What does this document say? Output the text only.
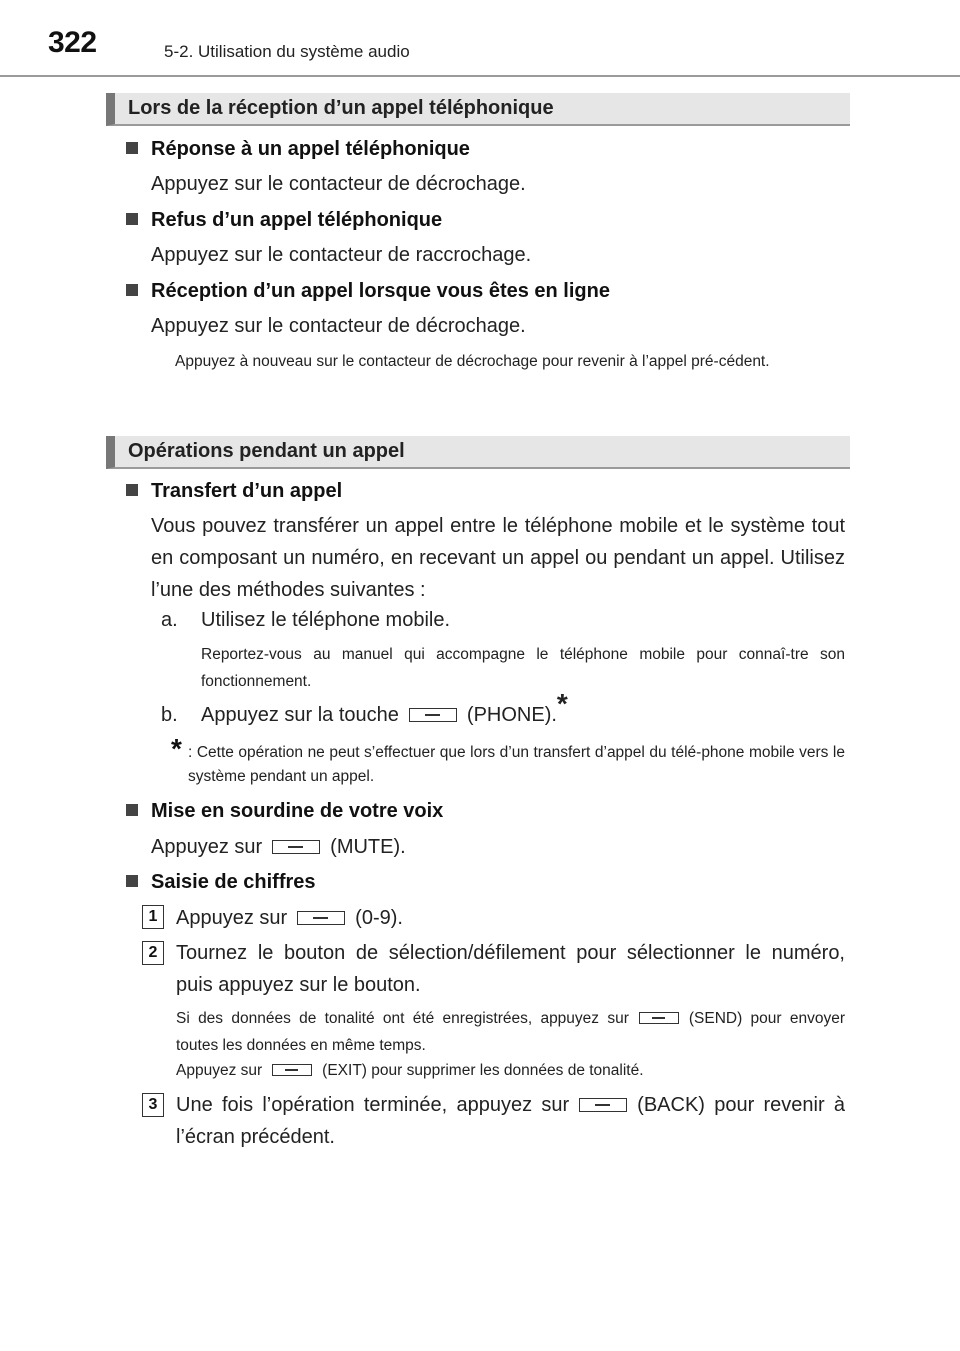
322	5-2. Utilisation du système audio
Lors de la réception d’un appel téléphonique
Réponse à un appel téléphonique
Appuyez sur le contacteur de décrochage.
Refus d’un appel téléphonique
Appuyez sur le contacteur de raccrochage.
Réception d’un appel lorsque vous êtes en ligne
Appuyez sur le contacteur de décrochage.
Appuyez à nouveau sur le contacteur de décrochage pour revenir à l’appel pré-cédent.
Opérations pendant un appel
Transfert d’un appel
Vous pouvez transférer un appel entre le téléphone mobile et le système tout en composant un numéro, en recevant un appel ou pendant un appel. Utilisez l’une des méthodes suivantes :
a. Utilisez le téléphone mobile.
Reportez-vous au manuel qui accompagne le téléphone mobile pour connaî-tre son fonctionnement.
b. Appuyez sur la touche	(PHONE).*
* : Cette opération ne peut s’effectuer que lors d’un transfert d’appel du télé-phone mobile vers le système pendant un appel.
Mise en sourdine de votre voix
Appuyez sur	(MUTE).
Saisie de chiffres
1 Appuyez sur	(0-9).
2 Tournez le bouton de sélection/défilement pour sélectionner le numéro, puis appuyez sur le bouton.
Si des données de tonalité ont été enregistrées, appuyez sur	(SEND) pour envoyer toutes les données en même temps.
Appuyez sur	(EXIT) pour supprimer les données de tonalité.
3 Une fois l’opération terminée, appuyez sur	(BACK) pour revenir à l’écran précédent.
